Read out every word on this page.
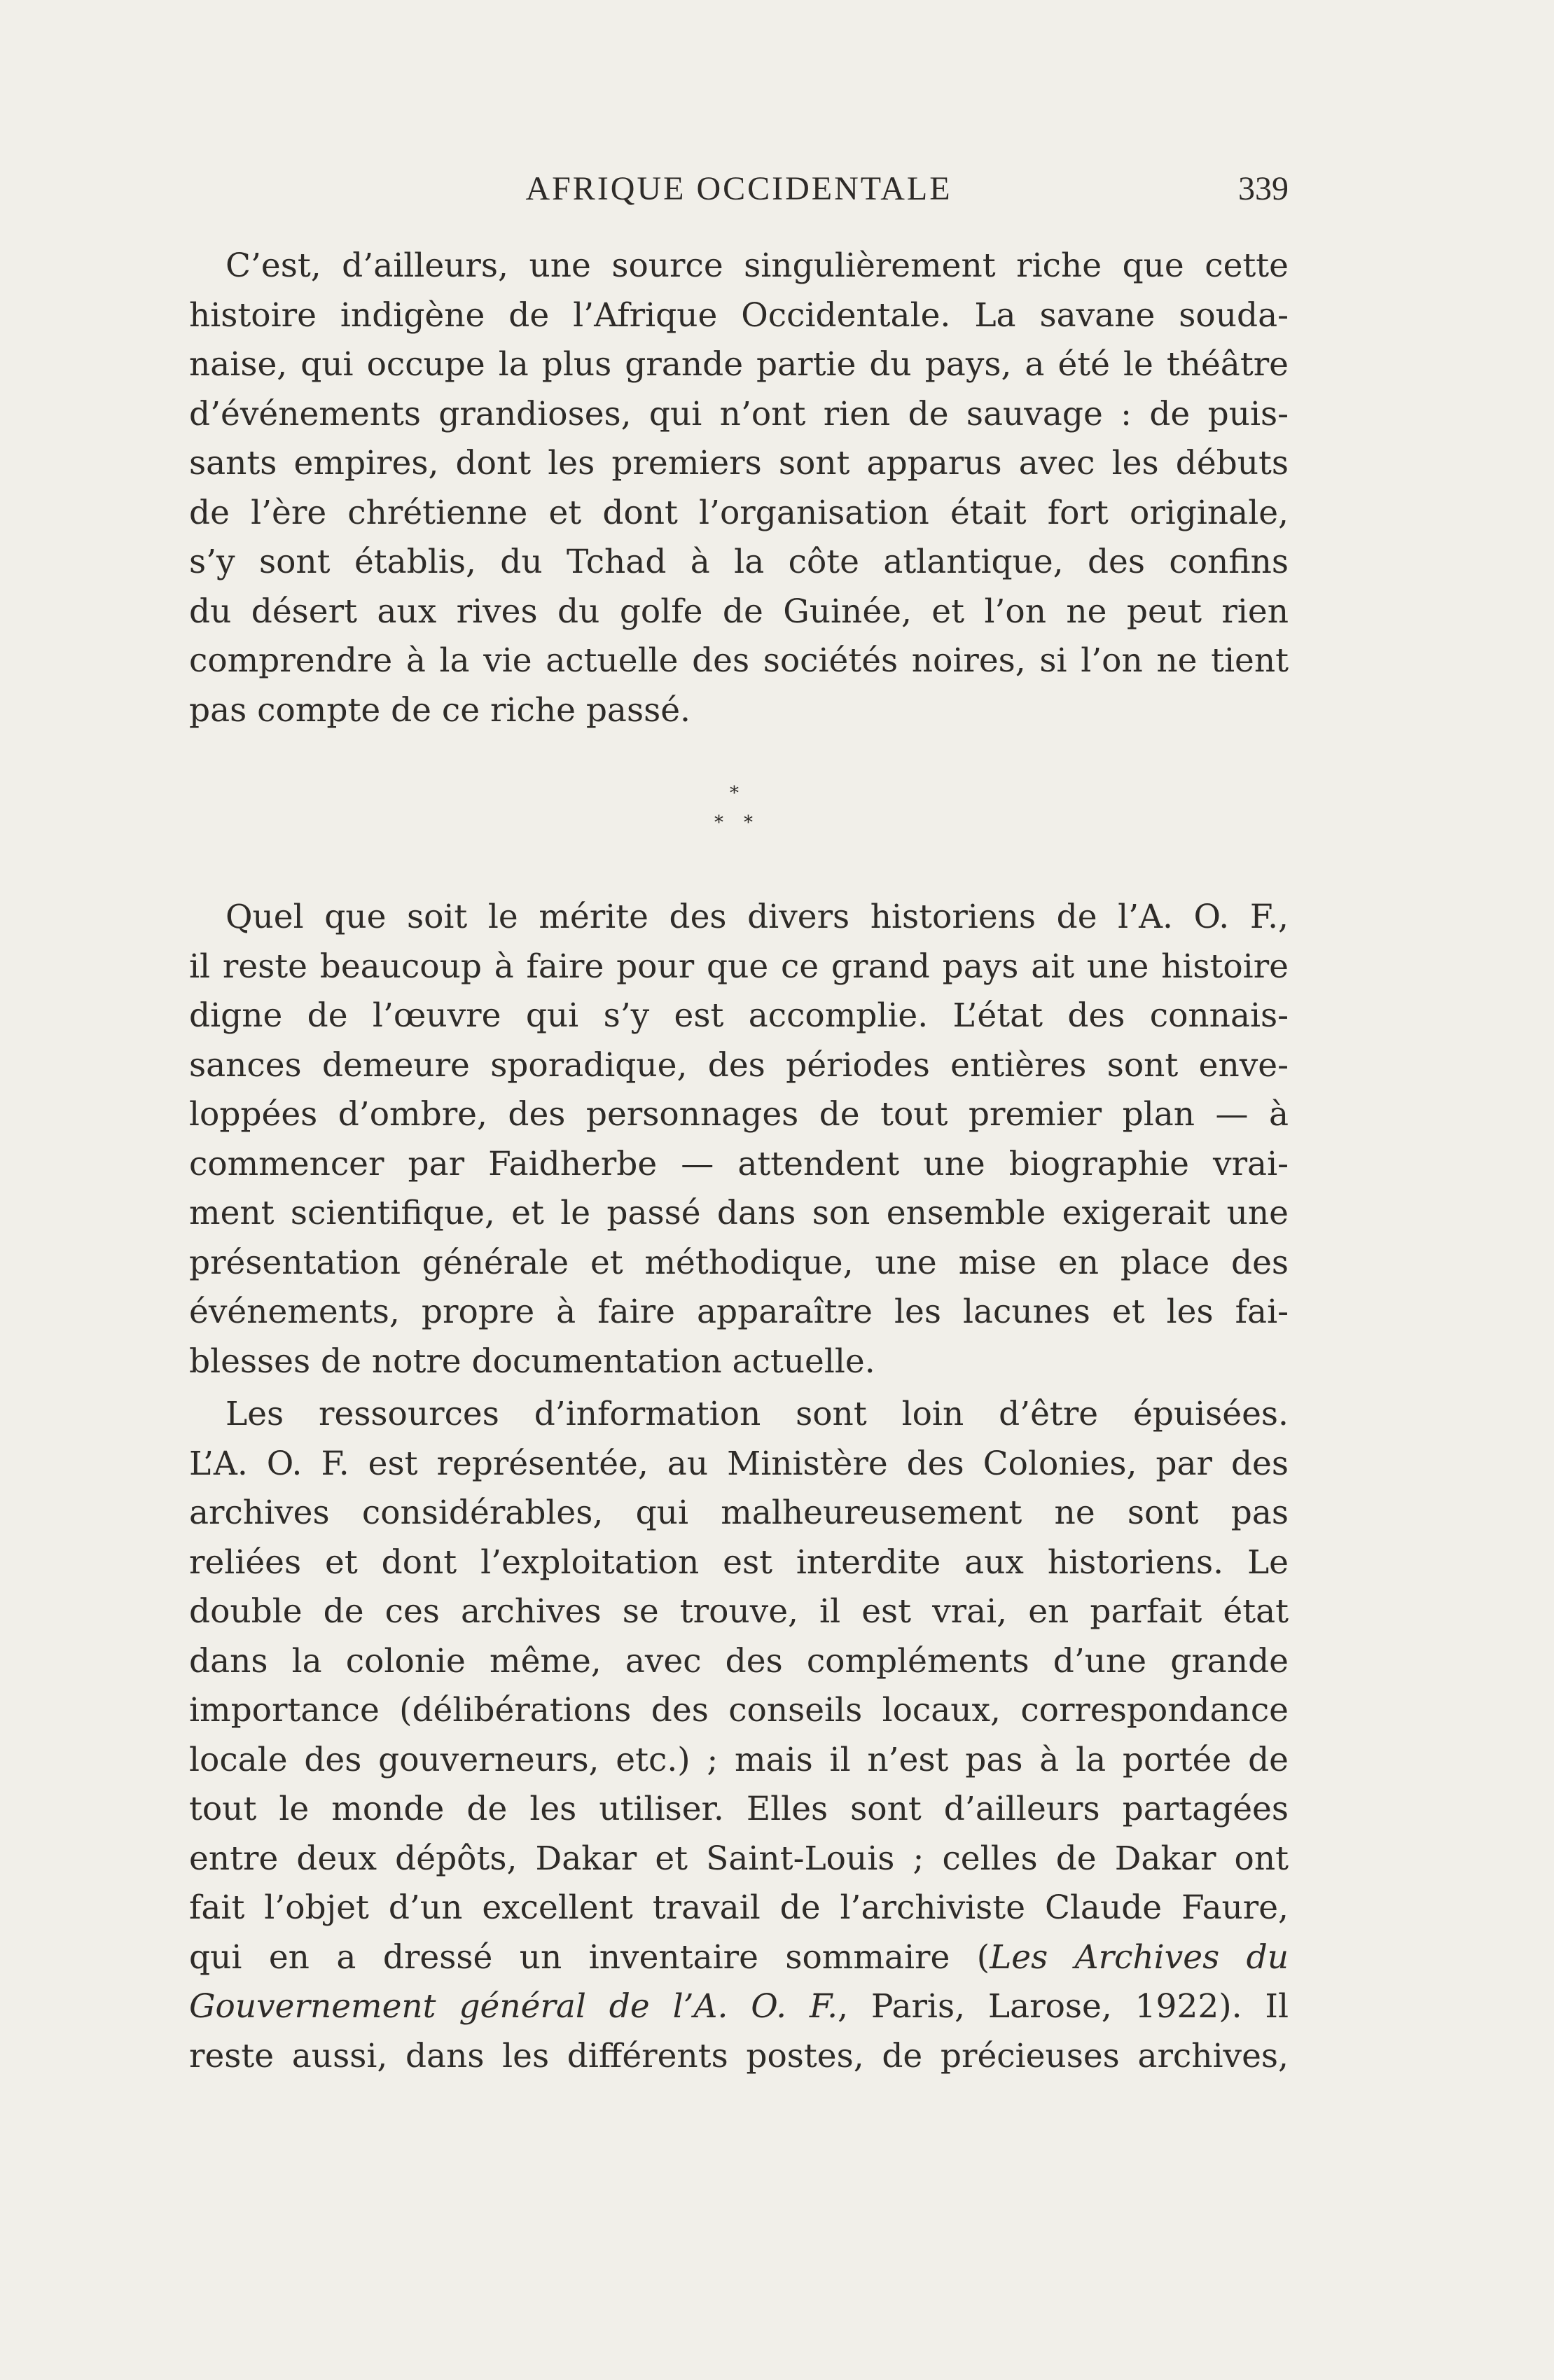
AFRIQUE OCCIDENTALE	339
C’est, d’ailleurs, une source singulièrement riche que cette
histoire indigène de l’Afrique Occidentale. La savane souda-
naise, qui occupe la plus grande partie du pays, a été le théâtre
d’événements grandioses, qui n’ont rien de sauvage : de puis-
sants empires, dont les premiers sont apparus avec les débuts
de l’ère chrétienne et dont l’organisation était fort originale,
s’y sont établis, du Tchad à la côte atlantique, des confins
du désert aux rives du golfe de Guinée, et l’on ne peut rien
comprendre à la vie actuelle des sociétés noires, si l’on ne tient
pas compte de ce riche passé.
*
* *
Quel que soit le mérite des divers historiens de l’A. O. F.,
il reste beaucoup à faire pour que ce grand pays ait une histoire
digne de l’œuvre qui s’y est accomplie. L’état des connais-
sances demeure sporadique, des périodes entières sont enve-
loppées d’ombre, des personnages de tout premier plan — à
commencer par Faidherbe — attendent une biographie vrai-
ment scientifique, et le passé dans son ensemble exigerait une
présentation générale et méthodique, une mise en place des
événements, propre à faire apparaître les lacunes et les fai-
blesses de notre documentation actuelle.
Les ressources d’information sont loin d’être épuisées.
L’A. O. F. est représentée, au Ministère des Colonies, par des
archives considérables, qui malheureusement ne sont pas
reliées et dont l’exploitation est interdite aux historiens. Le
double de ces archives se trouve, il est vrai, en parfait état
dans la colonie même, avec des compléments d’une grande
importance (délibérations des conseils locaux, correspondance
locale des gouverneurs, etc.) ; mais il n’est pas à la portée de
tout le monde de les utiliser. Elles sont d’ailleurs partagées
entre deux dépôts, Dakar et Saint-Louis ; celles de Dakar ont
fait l’objet d’un excellent travail de l’archiviste Claude Faure,
qui en a dressé un inventaire sommaire (Les Archives du
Gouvernement général de l’A. O. F., Paris, Larose, 1922). Il
reste aussi, dans les différents postes, de précieuses archives,
